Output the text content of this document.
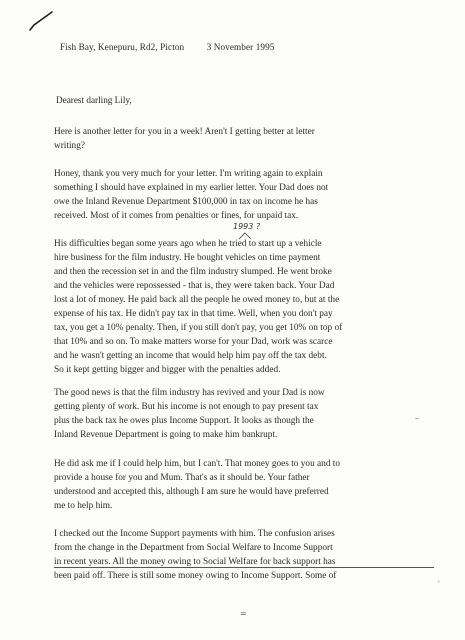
Fish Bay, Kenepuru, Rd2, Picton 3 November 1995
Dearest darling Lily,

Here is another letter for you in a week! Aren't I getting better at letter
writing?

Honey, thank you very much for your letter. I'm writing again to explain
something I should have explained in my earlier letter. Your Dad does not
owe the Inland Revenue Department $100,000 in tax on income he has
received. Most of it comes from penalties or fines, for unpaid tax.

1993 ?

His difficulties began some years ago when he tried to start up a vehicle
hire business for the film industry. He bought vehicles on time payment
and then the recession set in and the film industry slumped. He went broke
and the vehicles were repossessed - that is, they were taken back. Your Dad
lost a lot of money. He paid back all the people he owed money to, but at the
expense of his tax. He didn't pay tax in that time. Well, when you don't pay
tax, you get a 10% penalty. Then, if you still don't pay, you get 10% on top of
that 10% and so on. To make matters worse for your Dad, work was scarce
and he wasn't getting an income that would help him pay off the tax debt.
So it kept getting bigger and bigger with the penalties added.

The good news is that the film industry has revived and your Dad is now
getting plenty of work. But his income is not enough to pay present tax
plus the back tax he owes plus Income Support. It looks as though the
Inland Revenue Department is going to make him bankrupt.

–

He did ask me if I could help him, but I can't. That money goes to you and to
provide a house for you and Mum. That's as it should be. Your father
understood and accepted this, although I am sure he would have preferred
me to help him.

I checked out the Income Support payments with him. The confusion arises
from the change in the Department from Social Welfare to Income Support
in recent years. All the money owing to Social Welfare for back support has
been paid off. There is still some money owing to Income Support. Some of

′
=
